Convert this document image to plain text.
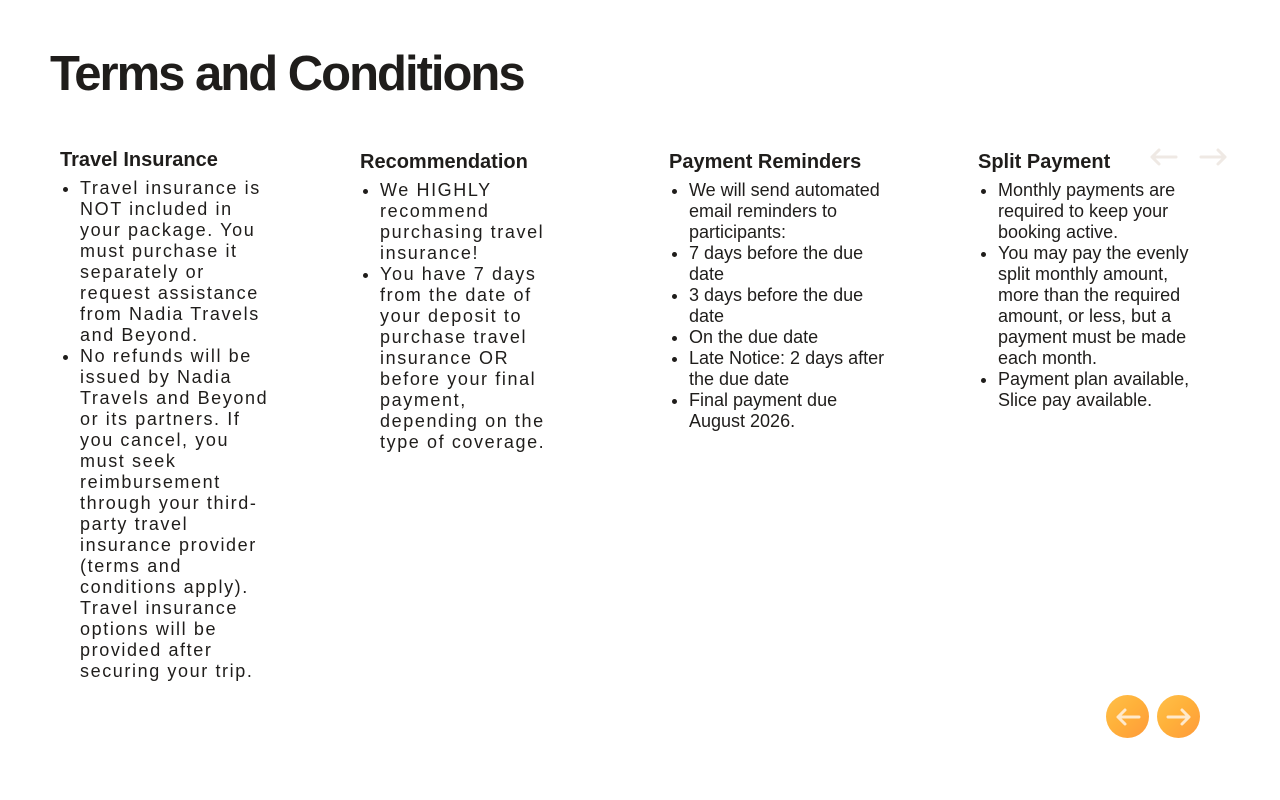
Terms and Conditions
Travel Insurance
• Travel insurance is NOT included in your package. You must purchase it separately or request assistance from Nadia Travels and Beyond.
• No refunds will be issued by Nadia Travels and Beyond or its partners. If you cancel, you must seek reimbursement through your third-party travel insurance provider (terms and conditions apply). Travel insurance options will be provided after securing your trip.
Recommendation
• We HIGHLY recommend purchasing travel insurance!
• You have 7 days from the date of your deposit to purchase travel insurance OR before your final payment, depending on the type of coverage.
Payment Reminders
• We will send automated email reminders to participants:
• 7 days before the due date
• 3 days before the due date
• On the due date
• Late Notice: 2 days after the due date
• Final payment due August 2026.
Split Payment
• Monthly payments are required to keep your booking active.
• You may pay the evenly split monthly amount, more than the required amount, or less, but a payment must be made each month.
• Payment plan available, Slice pay available.
